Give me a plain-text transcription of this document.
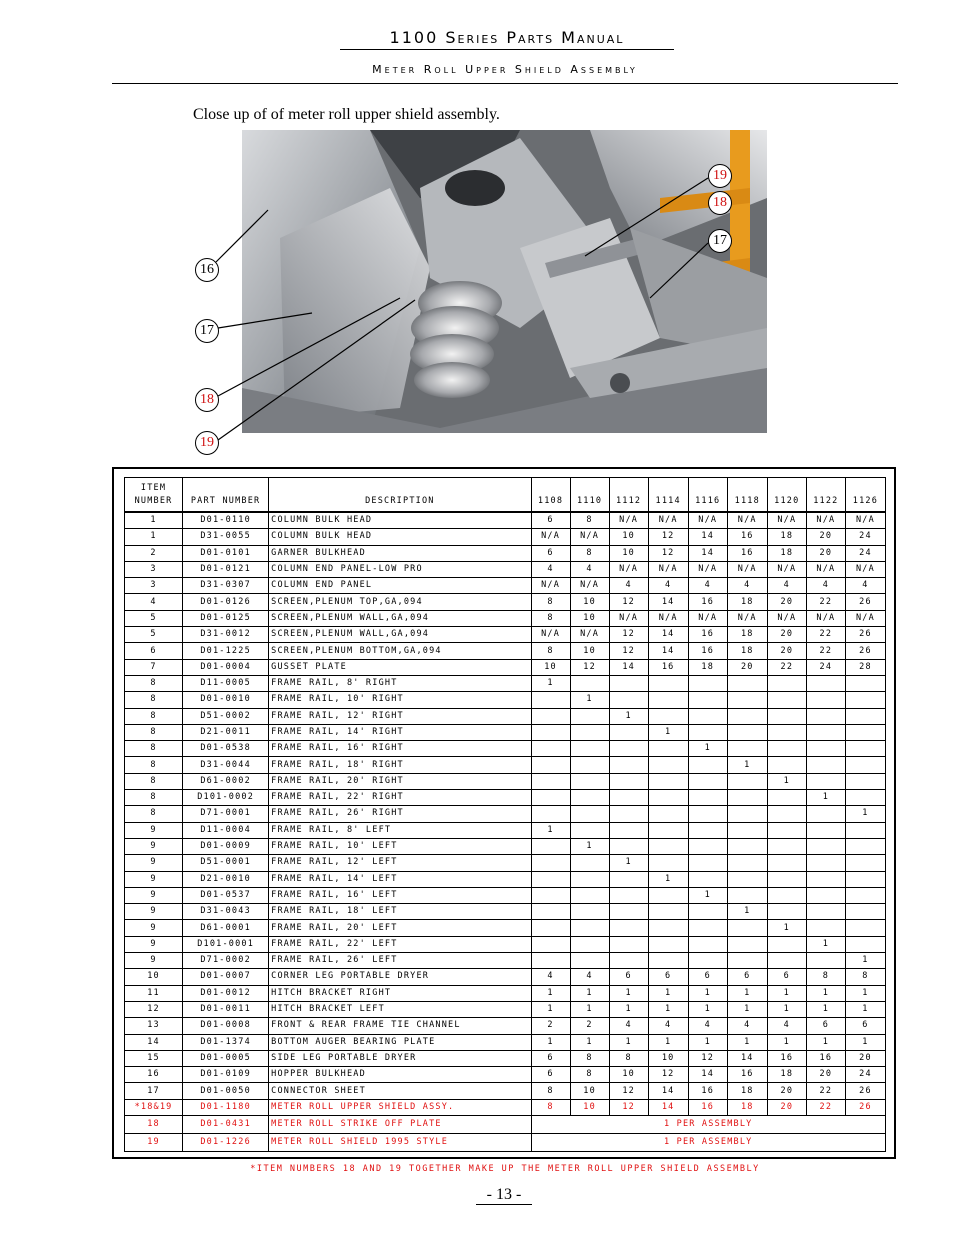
1100 Series Parts Manual
Meter Roll Upper Shield Assembly
Close up of of meter roll upper shield assembly.
16
17
18
19
19
18
17
ITEM NUMBER	PART NUMBER	DESCRIPTION	1108	1110	1112	1114	1116	1118	1120	1122	1126
1	D01-0110	COLUMN BULK HEAD	6	8	N/A	N/A	N/A	N/A	N/A	N/A	N/A
1	D31-0055	COLUMN BULK HEAD	N/A	N/A	10	12	14	16	18	20	24
2	D01-0101	GARNER BULKHEAD	6	8	10	12	14	16	18	20	24
3	D01-0121	COLUMN END PANEL-LOW PRO	4	4	N/A	N/A	N/A	N/A	N/A	N/A	N/A
3	D31-0307	COLUMN END PANEL	N/A	N/A	4	4	4	4	4	4	4
4	D01-0126	SCREEN,PLENUM TOP,GA,094	8	10	12	14	16	18	20	22	26
5	D01-0125	SCREEN,PLENUM WALL,GA,094	8	10	N/A	N/A	N/A	N/A	N/A	N/A	N/A
5	D31-0012	SCREEN,PLENUM WALL,GA,094	N/A	N/A	12	14	16	18	20	22	26
6	D01-1225	SCREEN,PLENUM BOTTOM,GA,094	8	10	12	14	16	18	20	22	26
7	D01-0004	GUSSET PLATE	10	12	14	16	18	20	22	24	28
8	D11-0005	FRAME RAIL, 8' RIGHT	1								
8	D01-0010	FRAME RAIL, 10' RIGHT		1							
8	D51-0002	FRAME RAIL, 12' RIGHT			1						
8	D21-0011	FRAME RAIL, 14' RIGHT				1					
8	D01-0538	FRAME RAIL, 16' RIGHT					1				
8	D31-0044	FRAME RAIL, 18' RIGHT						1			
8	D61-0002	FRAME RAIL, 20' RIGHT							1		
8	D101-0002	FRAME RAIL, 22' RIGHT								1	
8	D71-0001	FRAME RAIL, 26' RIGHT									1
9	D11-0004	FRAME RAIL, 8' LEFT	1								
9	D01-0009	FRAME RAIL, 10' LEFT		1							
9	D51-0001	FRAME RAIL, 12' LEFT			1						
9	D21-0010	FRAME RAIL, 14' LEFT				1					
9	D01-0537	FRAME RAIL, 16' LEFT					1				
9	D31-0043	FRAME RAIL, 18' LEFT						1			
9	D61-0001	FRAME RAIL, 20' LEFT							1		
9	D101-0001	FRAME RAIL, 22' LEFT								1	
9	D71-0002	FRAME RAIL, 26' LEFT									1
10	D01-0007	CORNER LEG PORTABLE DRYER	4	4	6	6	6	6	6	8	8
11	D01-0012	HITCH BRACKET RIGHT	1	1	1	1	1	1	1	1	1
12	D01-0011	HITCH BRACKET LEFT	1	1	1	1	1	1	1	1	1
13	D01-0008	FRONT & REAR FRAME TIE CHANNEL	2	2	4	4	4	4	4	6	6
14	D01-1374	BOTTOM AUGER BEARING PLATE	1	1	1	1	1	1	1	1	1
15	D01-0005	SIDE LEG PORTABLE DRYER	6	8	8	10	12	14	16	16	20
16	D01-0109	HOPPER BULKHEAD	6	8	10	12	14	16	18	20	24
17	D01-0050	CONNECTOR SHEET	8	10	12	14	16	18	20	22	26
*18&19	D01-1180	METER ROLL UPPER SHIELD ASSY.	8	10	12	14	16	18	20	22	26
18	D01-0431	METER ROLL STRIKE OFF PLATE	1 PER ASSEMBLY								
19	D01-1226	METER ROLL SHIELD 1995 STYLE	1 PER ASSEMBLY								
*ITEM NUMBERS 18 AND 19 TOGETHER MAKE UP THE METER ROLL UPPER SHIELD ASSEMBLY
- 13 -
